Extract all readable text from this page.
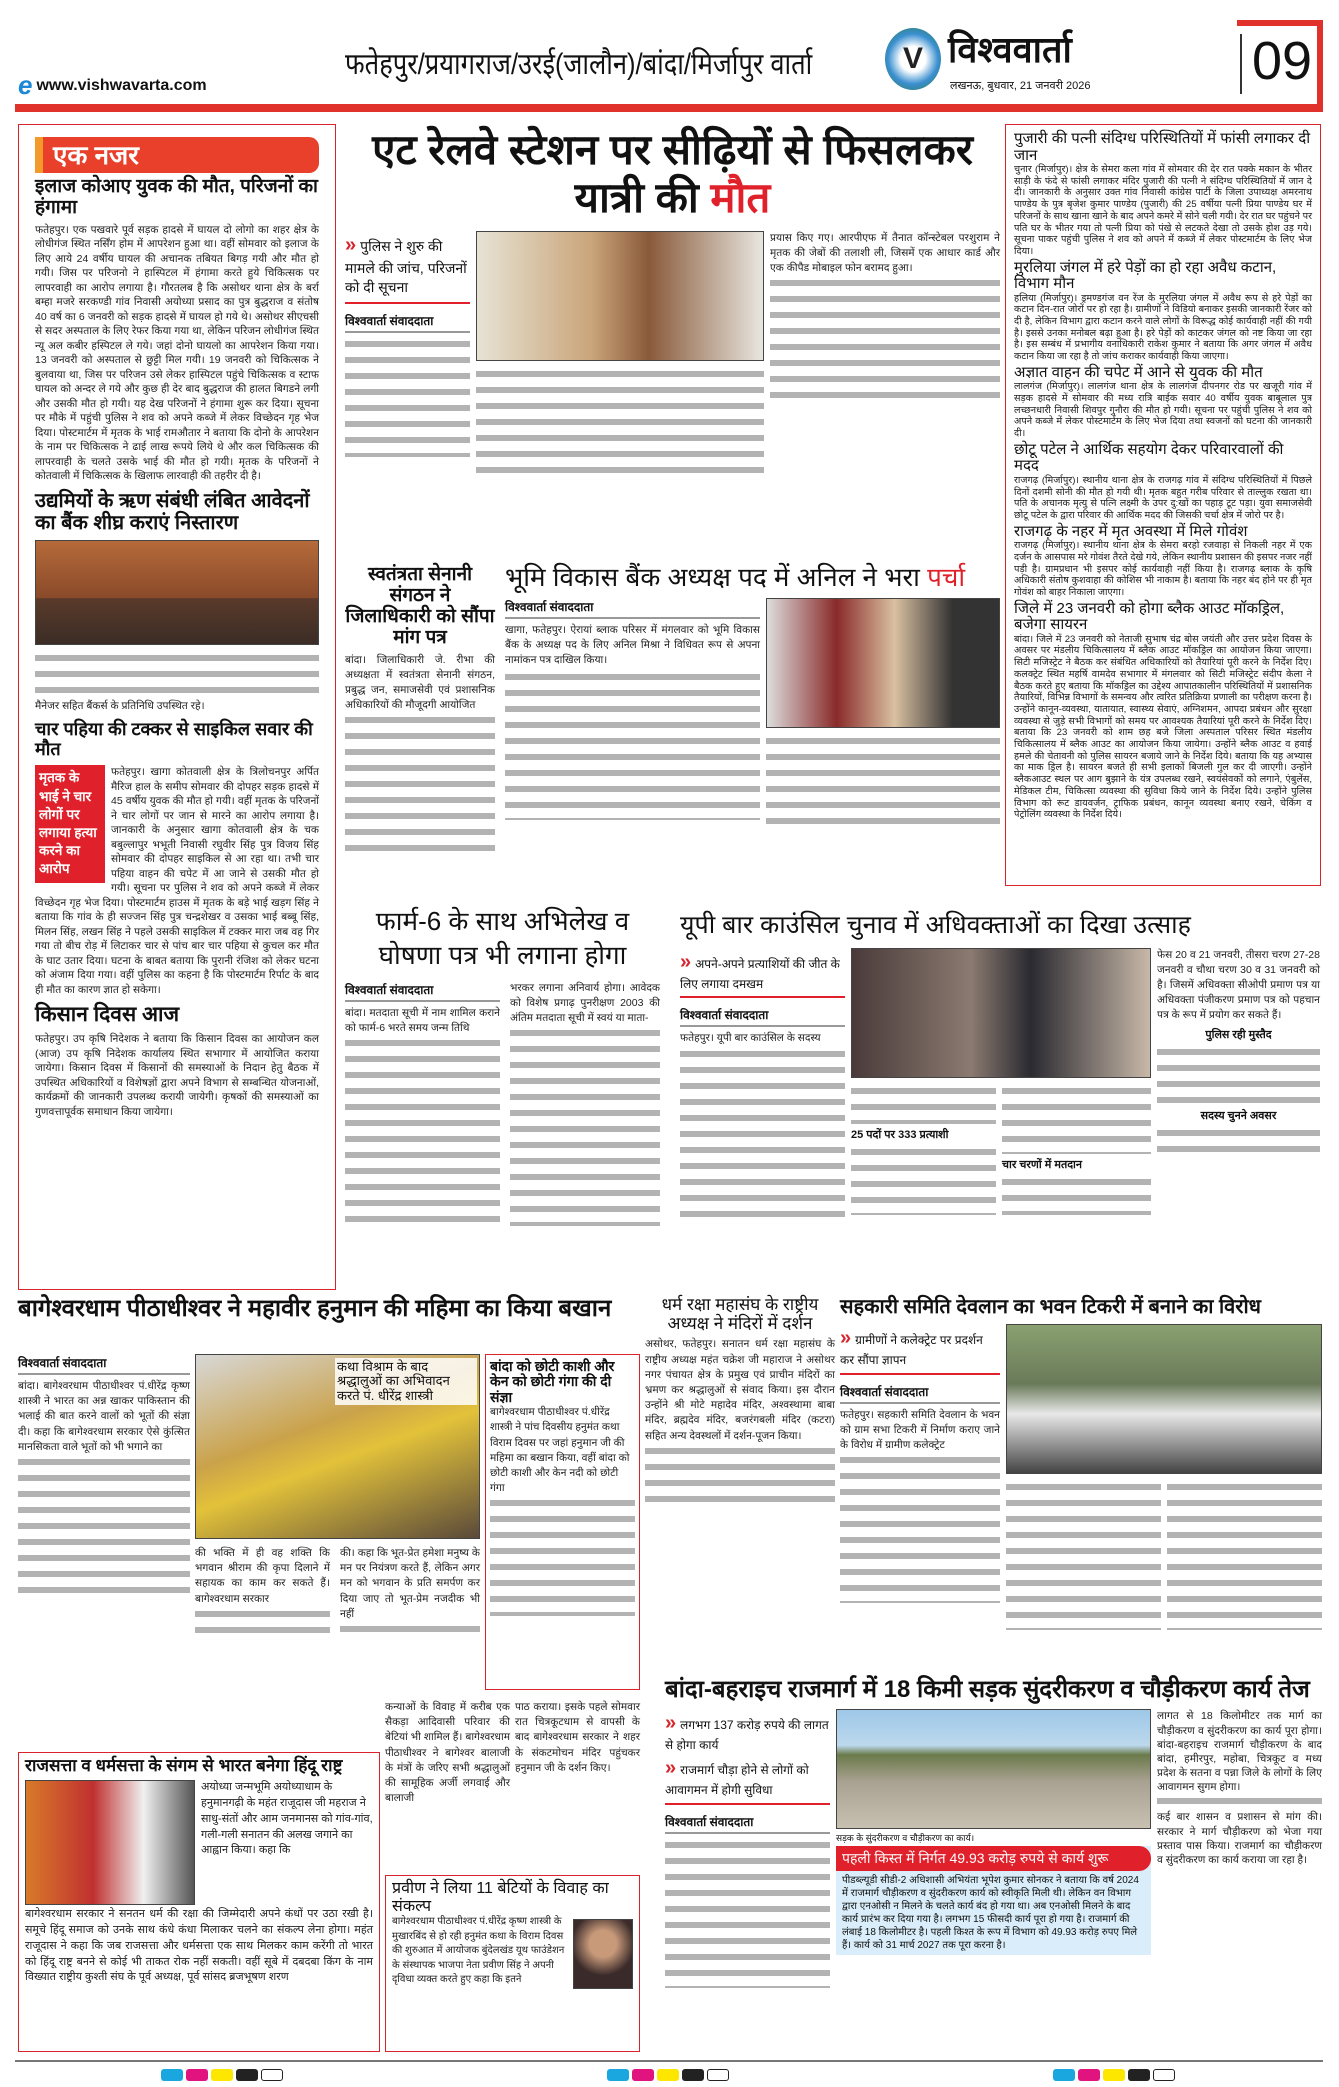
e www.vishwavarta.com
फतेहपुर/प्रयागराज/उरई(जालौन)/बांदा/मिर्जापुर वार्ता	V विश्ववार्ता
लखनऊ, बुधवार, 21 जनवरी 2026	09
एक नजर
इलाज कोआए युवक की मौत, परिजनों का हंगामा
फतेहपुर। एक पखवारे पूर्व सड़क हादसे में घायल दो लोगो का शहर क्षेत्र के लोधीगंज स्थित नर्सिंग होम में आपरेशन हुआ था। वहीं सोमवार को इलाज के लिए आये 24 वर्षीय घायल की अचानक तबियत बिगड़ गयी और मौत हो गयी। जिस पर परिजनो ने हास्पिटल में हंगामा करते हुये चिकित्सक पर लापरवाही का आरोप लगाया है। गौरतलब है कि असोथर थाना क्षेत्र के बर्रा बम्हा मजरे सरकण्डी गांव निवासी अयोध्या प्रसाद का पुत्र बुद्धराज व संतोष 40 वर्ष का 6 जनवरी को सड़क हादसे में घायल हो गये थे। असोथर सीएचसी से सदर अस्पताल के लिए रेफर किया गया था, लेकिन परिजन लोधीगंज स्थित न्यू अल कबीर हस्पिटल ले गये। जहां दोनो घायलो का आपरेशन किया गया। 13 जनवरी को अस्पताल से छुट्टी मिल गयी। 19 जनवरी को चिकित्सक ने बुलवाया था, जिस पर परिजन उसे लेकर हास्पिटल पहुंचे चिकित्सक व स्टाफ घायल को अन्दर ले गये और कुछ ही देर बाद बुद्धराज की हालत बिगडने लगी और उसकी मौत हो गयी। यह देख परिजनों ने हंगामा शुरू कर दिया। सूचना पर मौके में पहुंची पुलिस ने शव को अपने कब्जे में लेकर विच्छेदन गृह भेज दिया। पोस्टमार्टम में मृतक के भाई रामऔतार ने बताया कि दोनो के आपरेशन के नाम पर चिकित्सक ने ढाई लाख रूपये लिये थे और कल चिकित्सक की लापरवाही के चलते उसके भाई की मौत हो गयी। मृतक के परिजनों ने कोतवाली में चिकित्सक के खिलाफ लारवाही की तहरीर दी है।
उद्यमियों के ऋण संबंधी लंबित आवेदनों का बैंक शीघ्र कराएं निस्तारण
मैनेजर सहित बैंकर्स के प्रतिनिधि उपस्थित रहे।
चार पहिया की टक्कर से साइकिल सवार की मौत
मृतक के भाई ने चार लोगों पर लगाया हत्या करने का आरोप
फतेहपुर। खागा कोतवाली क्षेत्र के त्रिलोचनपुर अर्पित मैरिज हाल के समीप सोमवार की दोपहर सड़क हादसे में 45 वर्षीय युवक की मौत हो गयी। वहीं मृतक के परिजनों ने चार लोगों पर जान से मारने का आरोप लगाया है। जानकारी के अनुसार खागा कोतवाली क्षेत्र के चक बबुल्लापुर भभूती निवासी रघुवीर सिंह पुत्र विजय सिंह सोमवार की दोपहर साइकिल से आ रहा था। तभी चार पहिया वाहन की चपेट में आ जाने से उसकी मौत हो गयी। सूचना पर पुलिस ने शव को अपने कब्जे में लेकर विच्छेदन गृह भेज दिया। पोस्टमार्टम हाउस में मृतक के बड़े भाई खड़ग सिंह ने बताया कि गांव के ही सज्जन सिंह पुत्र चन्द्रशेखर व उसका भाई बब्बू सिंह, मिलन सिंह, लखन सिंह ने पहले उसकी साइकिल में टक्कर मारा जब वह गिर गया तो बीच रोड़ में लिटाकर चार से पांच बार चार पहिया से कुचल कर मौत के घाट उतार दिया। घटना के बाबत बताया कि पुरानी रंजिश को लेकर घटना को अंजाम दिया गया। वहीं पुलिस का कहना है कि पोस्टमार्टम रिर्पाट के बाद ही मौत का कारण ज्ञात हो सकेगा।
किसान दिवस आज
फतेहपुर। उप कृषि निदेशक ने बताया कि किसान दिवस का आयोजन कल (आज) उप कृषि निदेशक कार्यालय स्थित सभागार में आयोजित कराया जायेगा। किसान दिवस में किसानों की समस्याओं के निदान हेतु बैठक में उपस्थित अधिकारियों व विशेषज्ञों द्वारा अपने विभाग से सम्बन्धित योजनाओं, कार्यक्रमों की जानकारी उपलब्ध करायी जायेगी। कृषकों की समस्याओं का गुणवत्तापूर्वक समाधान किया जायेगा।
एट रेलवे स्टेशन पर सीढ़ियों से फिसलकर यात्री की मौत
» पुलिस ने शुरु की मामले की जांच, परिजनों को दी सूचना
विश्ववार्ता संवाददाता
प्रयास किए गए। आरपीएफ में तैनात कॉन्स्टेबल परशुराम ने मृतक की जेबों की तलाशी ली, जिसमें एक आधार कार्ड और एक कीपैड मोबाइल फोन बरामद हुआ।
स्वतंत्रता सेनानी संगठन ने जिलाधिकारी को सौंपा मांग पत्र
बांदा। जिलाधिकारी जे. रीभा की अध्यक्षता में स्वतंत्रता सेनानी संगठन, प्रबुद्ध जन, समाजसेवी एवं प्रशासनिक अधिकारियों की मौजूदगी आयोजित
भूमि विकास बैंक अध्यक्ष पद में अनिल ने भरा पर्चा
विश्ववार्ता संवाददाता
खागा, फतेहपुर। ऐरायां ब्लाक परिसर में मंगलवार को भूमि विकास बैंक के अध्यक्ष पद के लिए अनिल मिश्रा ने विधिवत रूप से अपना नामांकन पत्र दाखिल किया।
पुजारी की पत्नी संदिग्ध परिस्थितियों में फांसी लगाकर दी जान
चुनार (मिर्जापुर)। क्षेत्र के सेमरा कला गांव में सोमवार की देर रात पक्के मकान के भीतर साड़ी के फंदे से फांसी लगाकर मंदिर पुजारी की पत्नी ने संदिग्ध परिस्थितियों में जान दे दी। जानकारी के अनुसार उक्त गांव निवासी कांग्रेस पार्टी के जिला उपाध्यक्ष अमरनाथ पाण्डेय के पुत्र बृजेश कुमार पाण्डेय (पुजारी) की 25 वर्षीया पत्नी प्रिया पाण्डेय घर में परिजनों के साथ खाना खाने के बाद अपने कमरे में सोने चली गयी। देर रात घर पहुंचने पर पति घर के भीतर गया तो पत्नी प्रिया को पंखे से लटकते देखा तो उसके होश उड़ गये। सूचना पाकर पहुंची पुलिस ने शव को अपने में कब्जे में लेकर पोस्टमार्टम के लिए भेज दिया।
मुरलिया जंगल में हरे पेड़ों का हो रहा अवैध कटान, विभाग मौन
हलिया (मिर्जापुर)। ड्रमण्डगंज वन रेंज के मुरलिया जंगल में अवैध रूप से हरे पेड़ों का कटान दिन-रात जोरों पर हो रहा है। ग्रामीणों ने विडियो बनाकर इसकी जानकारी रेंजर को दी है, लेकिन विभाग द्वारा कटान करने वाले लोगों के विरूद्ध कोई कार्यवाही नहीं की गयी है। इससे उनका मनोबल बढ़ा हुआ है। हरे पेड़ों को काटकर जंगल को नष्ट किया जा रहा है। इस सम्बंध में प्रभागीय वनाधिकारी राकेश कुमार ने बताया कि अगर जंगल में अवैध कटान किया जा रहा है तो जांच कराकर कार्यवाही किया जाएगा।
अज्ञात वाहन की चपेट में आने से युवक की मौत
लालगंज (मिर्जापुर)। लालगंज थाना क्षेत्र के लालगंज दीपनगर रोड पर खजूरी गांव में सड़क हादसे में सोमवार की मध्य रात्रि बाईक सवार 40 वर्षीय युवक बाबूलाल पुत्र लच्छनधारी निवासी शिवपुर गुनौरा की मौत हो गयी। सूचना पर पहुंची पुलिस ने शव को अपने कब्जे में लेकर पोस्टमार्टम के लिए भेज दिया तथा स्वजनों को घटना की जानकारी दी।
छोटू पटेल ने आर्थिक सहयोग देकर परिवारवालों की मदद
राजगढ़ (मिर्जापुर)। स्थानीय थाना क्षेत्र के राजगढ़ गांव में संदिग्ध परिस्थितियों में पिछले दिनों दशमी सोनी की मौत हो गयी थी। मृतक बहुत गरीब परिवार से ताल्लुक रखता था। पति के अचानक मृत्यु से पत्नि लक्ष्मी के उपर दु:खों का पहाड़ टूट पड़ा। युवा समाजसेवी छोटू पटेल के द्वारा परिवार की आर्थिक मदद की जिसकी चर्चा क्षेत्र में जोरो पर है।
राजगढ़ के नहर में मृत अवस्था में मिले गोवंश
राजगढ़ (मिर्जापुर)। स्थानीय थाना क्षेत्र के सेमरा बरहो रजवाहा से निकली नहर में एक दर्जन के आसपास मरे गोवंश तैरते देखे गये, लेकिन स्थानीय प्रशासन की इसपर नजर नहीं पड़ी है। ग्रामप्रधान भी इसपर कोई कार्यवाही नहीं किया है। राजगढ़ ब्लाक के कृषि अधिकारी संतोष कुशवाहा की कोशिस भी नाकाम है। बताया कि नहर बंद होने पर ही मृत गोवंश को बाहर निकाला जाएगा।
जिले में 23 जनवरी को होगा ब्लैक आउट मॉकड्रिल, बजेगा सायरन
बांदा। जिले में 23 जनवरी को नेताजी सुभाष चंद्र बोस जयंती और उत्तर प्रदेश दिवस के अवसर पर मंडलीय चिकित्सालय में ब्लैक आउट मॉकड्रिल का आयोजन किया जाएगा। सिटी मजिस्ट्रेट ने बैठक कर संबंधित अधिकारियों को तैयारियां पूरी करने के निर्देश दिए। कलक्ट्रेट स्थित महर्षि वामदेव सभागार में मंगलवार को सिटी मजिस्ट्रेट संदीप केला ने बैठक करते हुए बताया कि मॉकड्रिल का उद्देश्य आपातकालीन परिस्थितियों में प्रशासनिक तैयारियों, विभिन्न विभागों के समन्वय और त्वरित प्रतिक्रिया प्रणाली का परीक्षण करना है। उन्होंने कानून-व्यवस्था, यातायात, स्वास्थ्य सेवाएं, अग्निशमन, आपदा प्रबंधन और सुरक्षा व्यवस्था से जुड़े सभी विभागों को समय पर आवश्यक तैयारियां पूरी करने के निर्देश दिए। बताया कि 23 जनवरी को शाम छह बजे जिला अस्पताल परिसर स्थित मंडलीय चिकित्सालय में ब्लैक आउट का आयोजन किया जायेगा। उन्होंने ब्लैक आउट व हवाई हमले की चेतावनी को पुलिस सायरन बजाये जाने के निर्देश दिये। बताया कि यह अभ्यास का माक ड्रिल है। सायरन बजते ही सभी इलाकों बिजली गुल कर दी जाएगी। उन्होंने ब्लैकआउट स्थल पर आग बुझाने के यंत्र उपलब्ध रखने, स्वयंसेवकों को लगाने, एंबुलेंस, मेडिकल टीम, चिकित्सा व्यवस्था की सुविधा किये जाने के निर्देश दिये। उन्होंने पुलिस विभाग को रूट डायवर्जन, ट्राफिक प्रबंधन, कानून व्यवस्था बनाए रखने, चेकिंग व पेट्रोलिंग व्यवस्था के निर्देश दिये।
फार्म-6 के साथ अभिलेख व घोषणा पत्र भी लगाना होगा
विश्ववार्ता संवाददाता
बांदा। मतदाता सूची में नाम शामिल कराने को फार्म-6 भरते समय जन्म तिथि
भरकर लगाना अनिवार्य होगा। आवेदक को विशेष प्रगाढ़ पुनरीक्षण 2003 की अंतिम मतदाता सूची में स्वयं या माता-
यूपी बार काउंसिल चुनाव में अधिवक्ताओं का दिखा उत्साह
» अपने-अपने प्रत्याशियों की जीत के लिए लगाया दमखम
विश्ववार्ता संवाददाता
फतेहपुर। यूपी बार काउंसिल के सदस्य
25 पदों पर 333 प्रत्याशी
चार चरणों में मतदान
फेस 20 व 21 जनवरी, तीसरा चरण 27-28 जनवरी व चौथा चरण 30 व 31 जनवरी को है। जिसमें अधिवक्ता सीओपी प्रमाण पत्र या अधिवक्ता पंजीकरण प्रमाण पत्र को पहचान पत्र के रूप में प्रयोग कर सकते हैं।
पुलिस रही मुस्तैद
सदस्य चुनने अवसर
बागेश्वरधाम पीठाधीश्वर ने महावीर हनुमान की महिमा का किया बखान
विश्ववार्ता संवाददाता
बांदा। बागेश्वरधाम पीठाधीश्वर पं.धीरेंद्र कृष्ण शास्त्री ने भारत का अन्न खाकर पाकिस्तान की भलाई की बात करने वालों को भूतों की संज्ञा दी। कहा कि बागेश्वरधाम सरकार ऐसे कुंत्सित मानसिकता वाले भूतों को भी भगाने का
कथा विश्राम के बाद श्रद्धालुओं का अभिवादन करते पं. धीरेंद्र शास्त्री
की भक्ति में ही वह शक्ति कि भगवान श्रीराम की कृपा दिलाने में सहायक का काम कर सकते हैं। बागेश्वरधाम सरकार
की। कहा कि भूत-प्रेत हमेशा मनुष्य के मन पर नियंत्रण करते हैं, लेकिन अगर मन को भगवान के प्रति समर्पण कर दिया जाए तो भूत-प्रेम नजदीक भी नहीं
बांदा को छोटी काशी और केन को छोटी गंगा की दी संज्ञा
बागेश्वरधाम पीठाधीश्वर पं.धीरेंद्र शास्त्री ने पांच दिवसीय हनुमंत कथा विराम दिवस पर जहां हनुमान जी की महिमा का बखान किया, वहीं बांदा को छोटी काशी और केन नदी को छोटी गंगा
कन्याओं के विवाह में करीब एक सैकड़ा आदिवासी परिवार की बेटियां भी शामिल हैं। बागेश्वरधाम पीठाधीश्वर ने बागेश्वर बालाजी के मंत्रों के जरिए सभी श्रद्धालुओं की सामूहिक अर्जी लगवाई और बालाजी
पाठ कराया। इसके पहले सोमवार रात चित्रकूटधाम से वापसी के बाद बागेश्वरधाम सरकार ने शहर के संकटमोचन मंदिर पहुंचकर हनुमान जी के दर्शन किए।
धर्म रक्षा महासंघ के राष्ट्रीय अध्यक्ष ने मंदिरों में दर्शन
असोथर, फतेहपुर। सनातन धर्म रक्षा महासंघ के राष्ट्रीय अध्यक्ष महंत चक्रेश जी महाराज ने असोथर नगर पंचायत क्षेत्र के प्रमुख एवं प्राचीन मंदिरों का भ्रमण कर श्रद्धालुओं से संवाद किया। इस दौरान उन्होंने श्री मोटे महादेव मंदिर, अश्वस्थामा बाबा मंदिर, ब्रह्मदेव मंदिर, बजरंगबली मंदिर (कटरा) सहित अन्य देवस्थलों में दर्शन-पूजन किया।
सहकारी समिति देवलान का भवन टिकरी में बनाने का विरोध
» ग्रामीणों ने कलेक्ट्रेट पर प्रदर्शन कर सौंपा ज्ञापन
विश्ववार्ता संवाददाता
फतेहपुर। सहकारी समिति देवलान के भवन को ग्राम सभा टिकरी में निर्माण कराए जाने के विरोध में ग्रामीण कलेक्ट्रेट
राजसत्ता व धर्मसत्ता के संगम से भारत बनेगा हिंदू राष्ट्र
अयोध्या जन्मभूमि अयोध्याधाम के हनुमानगढ़ी के महंत राजूदास जी महराज ने साधु-संतों और आम जनमानस को गांव-गांव, गली-गली सनातन की अलख जगाने का आह्वान किया। कहा कि
बागेश्वरधाम सरकार ने सनतन धर्म की रक्षा की जिम्मेदारी अपने कंधों पर उठा रखी है। समूचे हिंदू समाज को उनके साथ कंधे कंधा मिलाकर चलने का संकल्प लेना होगा। महंत राजूदास ने कहा कि जब राजसत्ता और धर्मसत्ता एक साथ मिलकर काम करेंगी तो भारत को हिंदू राष्ट्र बनने से कोई भी ताकत रोक नहीं सकती। वहीं सूबे में दबदबा किंग के नाम विख्यात राष्ट्रीय कुश्ती संघ के पूर्व अध्यक्ष, पूर्व सांसद ब्रजभूषण शरण
प्रवीण ने लिया 11 बेटियों के विवाह का संकल्प
बागेश्वरधाम पीठाधीश्वर पं.धीरेंद्र कृष्ण शास्त्री के मुखारबिंद से हो रही हनुमंत कथा के विराम दिवस की शुरुआत में आयोजक बुंदेलखंड यूथ फाउंडेशन के संस्थापक भाजपा नेता प्रवीण सिंह ने अपनी दृविधा व्यक्त करते हुए कहा कि इतने
बांदा-बहराइच राजमार्ग में 18 किमी सड़क सुंदरीकरण व चौड़ीकरण कार्य तेज
» लगभग 137 करोड़ रुपये की लागत से होगा कार्य
» राजमार्ग चौड़ा होने से लोगों को आवागमन में होगी सुविधा
विश्ववार्ता संवाददाता
सड़क के सुंदरीकरण व चौड़ीकरण का कार्य।
पहली किस्त में निर्गत 49.93 करोड़ रुपये से कार्य शुरू
पीडब्ल्यूडी सीडी-2 अधिशासी अभियंता भूपेश कुमार सोनकर ने बताया कि वर्ष 2024 में राजमार्ग चौड़ीकरण व सुंदरीकरण कार्य को स्वीकृति मिली थी। लेकिन वन विभाग द्वारा एनओसी न मिलने के चलते कार्य बंद हो गया था। अब एनओसी मिलने के बाद कार्य प्रारंभ कर दिया गया है। लगभग 15 फीसदी कार्य पूरा हो गया है। राजमार्ग की लंबाई 18 किलोमीटर है। पहली किश्त के रूप में विभाग को 49.93 करोड़ रुपए मिले हैं। कार्य को 31 मार्च 2027 तक पूरा करना है।
लागत से 18 किलोमीटर तक मार्ग का चौड़ीकरण व सुंदरीकरण का कार्य पूरा होगा। बांदा-बहराइच राजमार्ग चौड़ीकरण के बाद बांदा, हमीरपुर, महोबा, चित्रकूट व मध्य प्रदेश के सतना व पन्ना जिले के लोगों के लिए आवागमन सुगम होगा।
कई बार शासन व प्रशासन से मांग की। सरकार ने मार्ग चौड़ीकरण को भेजा गया प्रस्ताव पास किया। राजमार्ग का चौड़ीकरण व सुंदरीकरण का कार्य कराया जा रहा है।
